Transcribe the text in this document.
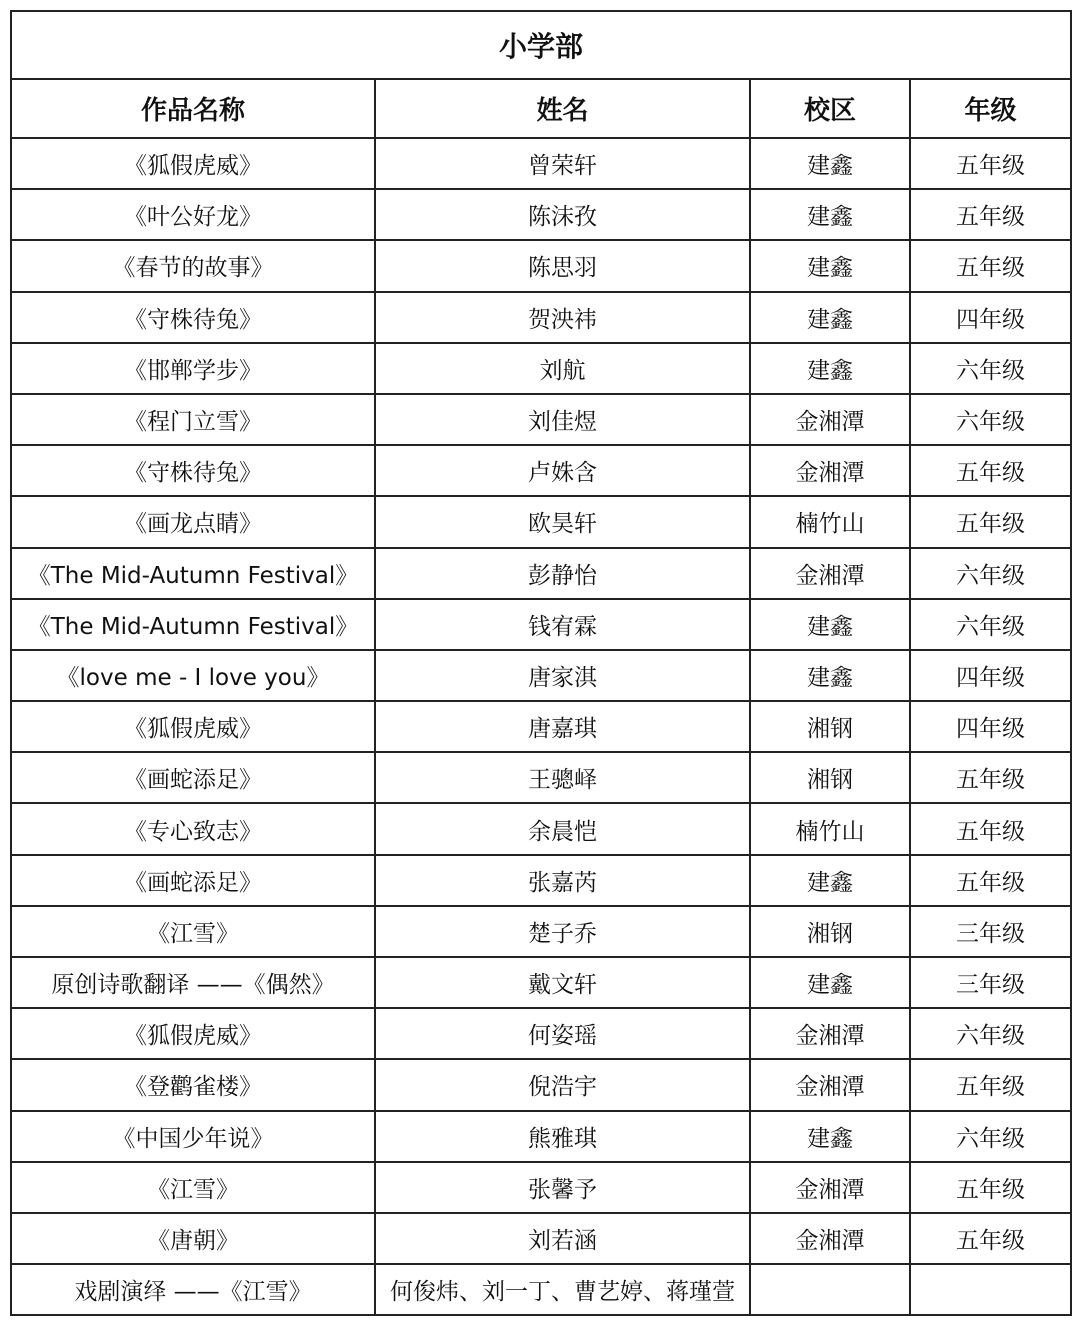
小学部			
作品名称	姓名	校区	年级
《狐假虎威》	曾荣轩	建鑫	五年级
《叶公好龙》	陈沫孜	建鑫	五年级
《春节的故事》	陈思羽	建鑫	五年级
《守株待兔》	贺泱祎	建鑫	四年级
《邯郸学步》	刘航	建鑫	六年级
《程门立雪》	刘佳煜	金湘潭	六年级
《守株待兔》	卢姝含	金湘潭	五年级
《画龙点睛》	欧昊轩	楠竹山	五年级
《The Mid-Autumn Festival》	彭静怡	金湘潭	六年级
《The Mid-Autumn Festival》	钱宥霖	建鑫	六年级
《love me - I love you》	唐家淇	建鑫	四年级
《狐假虎威》	唐嘉琪	湘钢	四年级
《画蛇添足》	王骢峄	湘钢	五年级
《专心致志》	余晨恺	楠竹山	五年级
《画蛇添足》	张嘉芮	建鑫	五年级
《江雪》	楚子乔	湘钢	三年级
原创诗歌翻译 ——《偶然》	戴文轩	建鑫	三年级
《狐假虎威》	何姿瑶	金湘潭	六年级
《登鹳雀楼》	倪浩宇	金湘潭	五年级
《中国少年说》	熊雅琪	建鑫	六年级
《江雪》	张馨予	金湘潭	五年级
《唐朝》	刘若涵	金湘潭	五年级
戏剧演绎 ——《江雪》	何俊炜、刘一丁、曹艺婷、蒋瑾萱		
